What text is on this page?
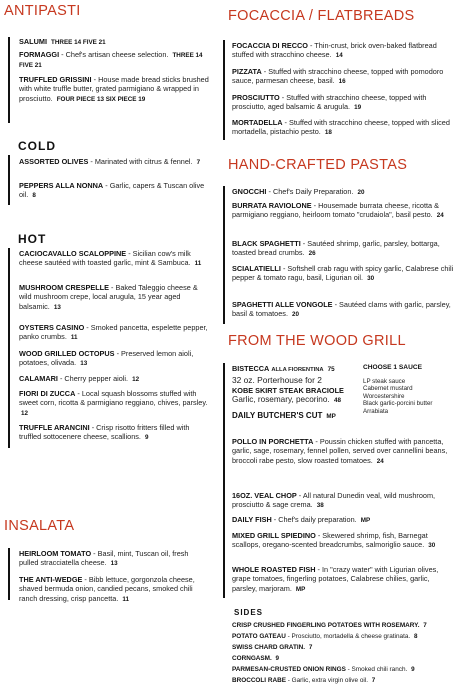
ANTIPASTI
SALUMI THREE 14 FIVE 21
FORMAGGI - Chef's artisan cheese selection. THREE 14 FIVE 21
TRUFFLED GRISSINI - House made bread sticks brushed with white truffle butter, grated parmigiano & wrapped in prosciutto. FOUR PIECE 13 SIX PIECE 19
COLD
ASSORTED OLIVES - Marinated with citrus & fennel. 7
PEPPERS ALLA NONNA - Garlic, capers & Tuscan olive oil. 8
HOT
CACIOCAVALLO SCALOPPINE - Sicilian cow's milk cheese sautéed with toasted garlic, mint & Sambuca. 11
MUSHROOM CRESPELLE - Baked Taleggio cheese & wild mushroom crepe, local arugula, 15 year aged balsamic. 13
OYSTERS CASINO - Smoked pancetta, espelette pepper, panko crumbs. 11
WOOD GRILLED OCTOPUS - Preserved lemon aioli, potatoes, olivada. 13
CALAMARI - Cherry pepper aioli. 12
FIORI DI ZUCCA - Local squash blossoms stuffed with sweet corn, ricotta & parmigiano reggiano, chives, parsley. 12
TRUFFLE ARANCINI - Crisp risotto fritters filled with truffled sottocenere cheese, scallions. 9
INSALATA
HEIRLOOM TOMATO - Basil, mint, Tuscan oil, fresh pulled stracciatella cheese. 13
THE ANTI-WEDGE - Bibb lettuce, gorgonzola cheese, shaved bermuda onion, candied pecans, smoked chili ranch dressing, crisp pancetta. 11
FOCACCIA / FLATBREADS
FOCACCIA DI RECCO - Thin-crust, brick oven-baked flatbread stuffed with stracchino cheese. 14
PIZZATA - Stuffed with stracchino cheese, topped with pomodoro sauce, parmesan cheese, basil. 16
PROSCIUTTO - Stuffed with stracchino cheese, topped with prosciutto, aged balsamic & arugula. 19
MORTADELLA - Stuffed with stracchino cheese, topped with sliced mortadella, pistachio pesto. 18
HAND-CRAFTED PASTAS
GNOCCHI - Chef's Daily Preparation. 20
BURRATA RAVIOLONE - Housemade burrata cheese, ricotta & parmigiano reggiano, heirloom tomato "crudaiola", basil pesto. 24
BLACK SPAGHETTI - Sautéed shrimp, garlic, parsley, bottarga, toasted bread crumbs. 26
SCIALATIELLI - Softshell crab ragu with spicy garlic, Calabrese chili pepper & tomato ragu, basil, Ligurian oil. 30
SPAGHETTI ALLE VONGOLE - Sautéed clams with garlic, parsley, basil & tomatoes. 20
FROM THE WOOD GRILL
BISTECCA ALLA FIORENTINA 75
32 oz. Porterhouse for 2
KOBE SKIRT STEAK BRACIOLE
Garlic, rosemary, pecorino. 48
DAILY BUTCHER'S CUT MP
CHOOSE 1 SAUCE
LP steak sauce
Cabernet mustard
Worcestershire
Black garlic-porcini butter
Arrabiata
POLLO IN PORCHETTA - Poussin chicken stuffed with pancetta, garlic, sage, rosemary, fennel pollen, served over cannellini beans, broccoli rabe pesto, slow roasted tomatoes. 24
16OZ. VEAL CHOP - All natural Dunedin veal, wild mushroom, prosciutto & sage crema. 38
DAILY FISH - Chef's daily preparation. MP
MIXED GRILL SPIEDINO - Skewered shrimp, fish, Barnegat scallops, oregano-scented breadcrumbs, salmoriglio sauce. 30
WHOLE ROASTED FISH - In "crazy water" with Ligurian olives, grape tomatoes, fingerling potatoes, Calabrese chilies, garlic, parsley, marjoram. MP
SIDES
CRISP CRUSHED FINGERLING POTATOES WITH ROSEMARY. 7
POTATO GATEAU - Prosciutto, mortadella & cheese gratinata. 8
SWISS CHARD GRATIN. 7
CORNGASM. 9
PARMESAN-CRUSTED ONION RINGS - Smoked chili ranch. 9
BROCCOLI RABE - Garlic, extra virgin olive oil. 7
